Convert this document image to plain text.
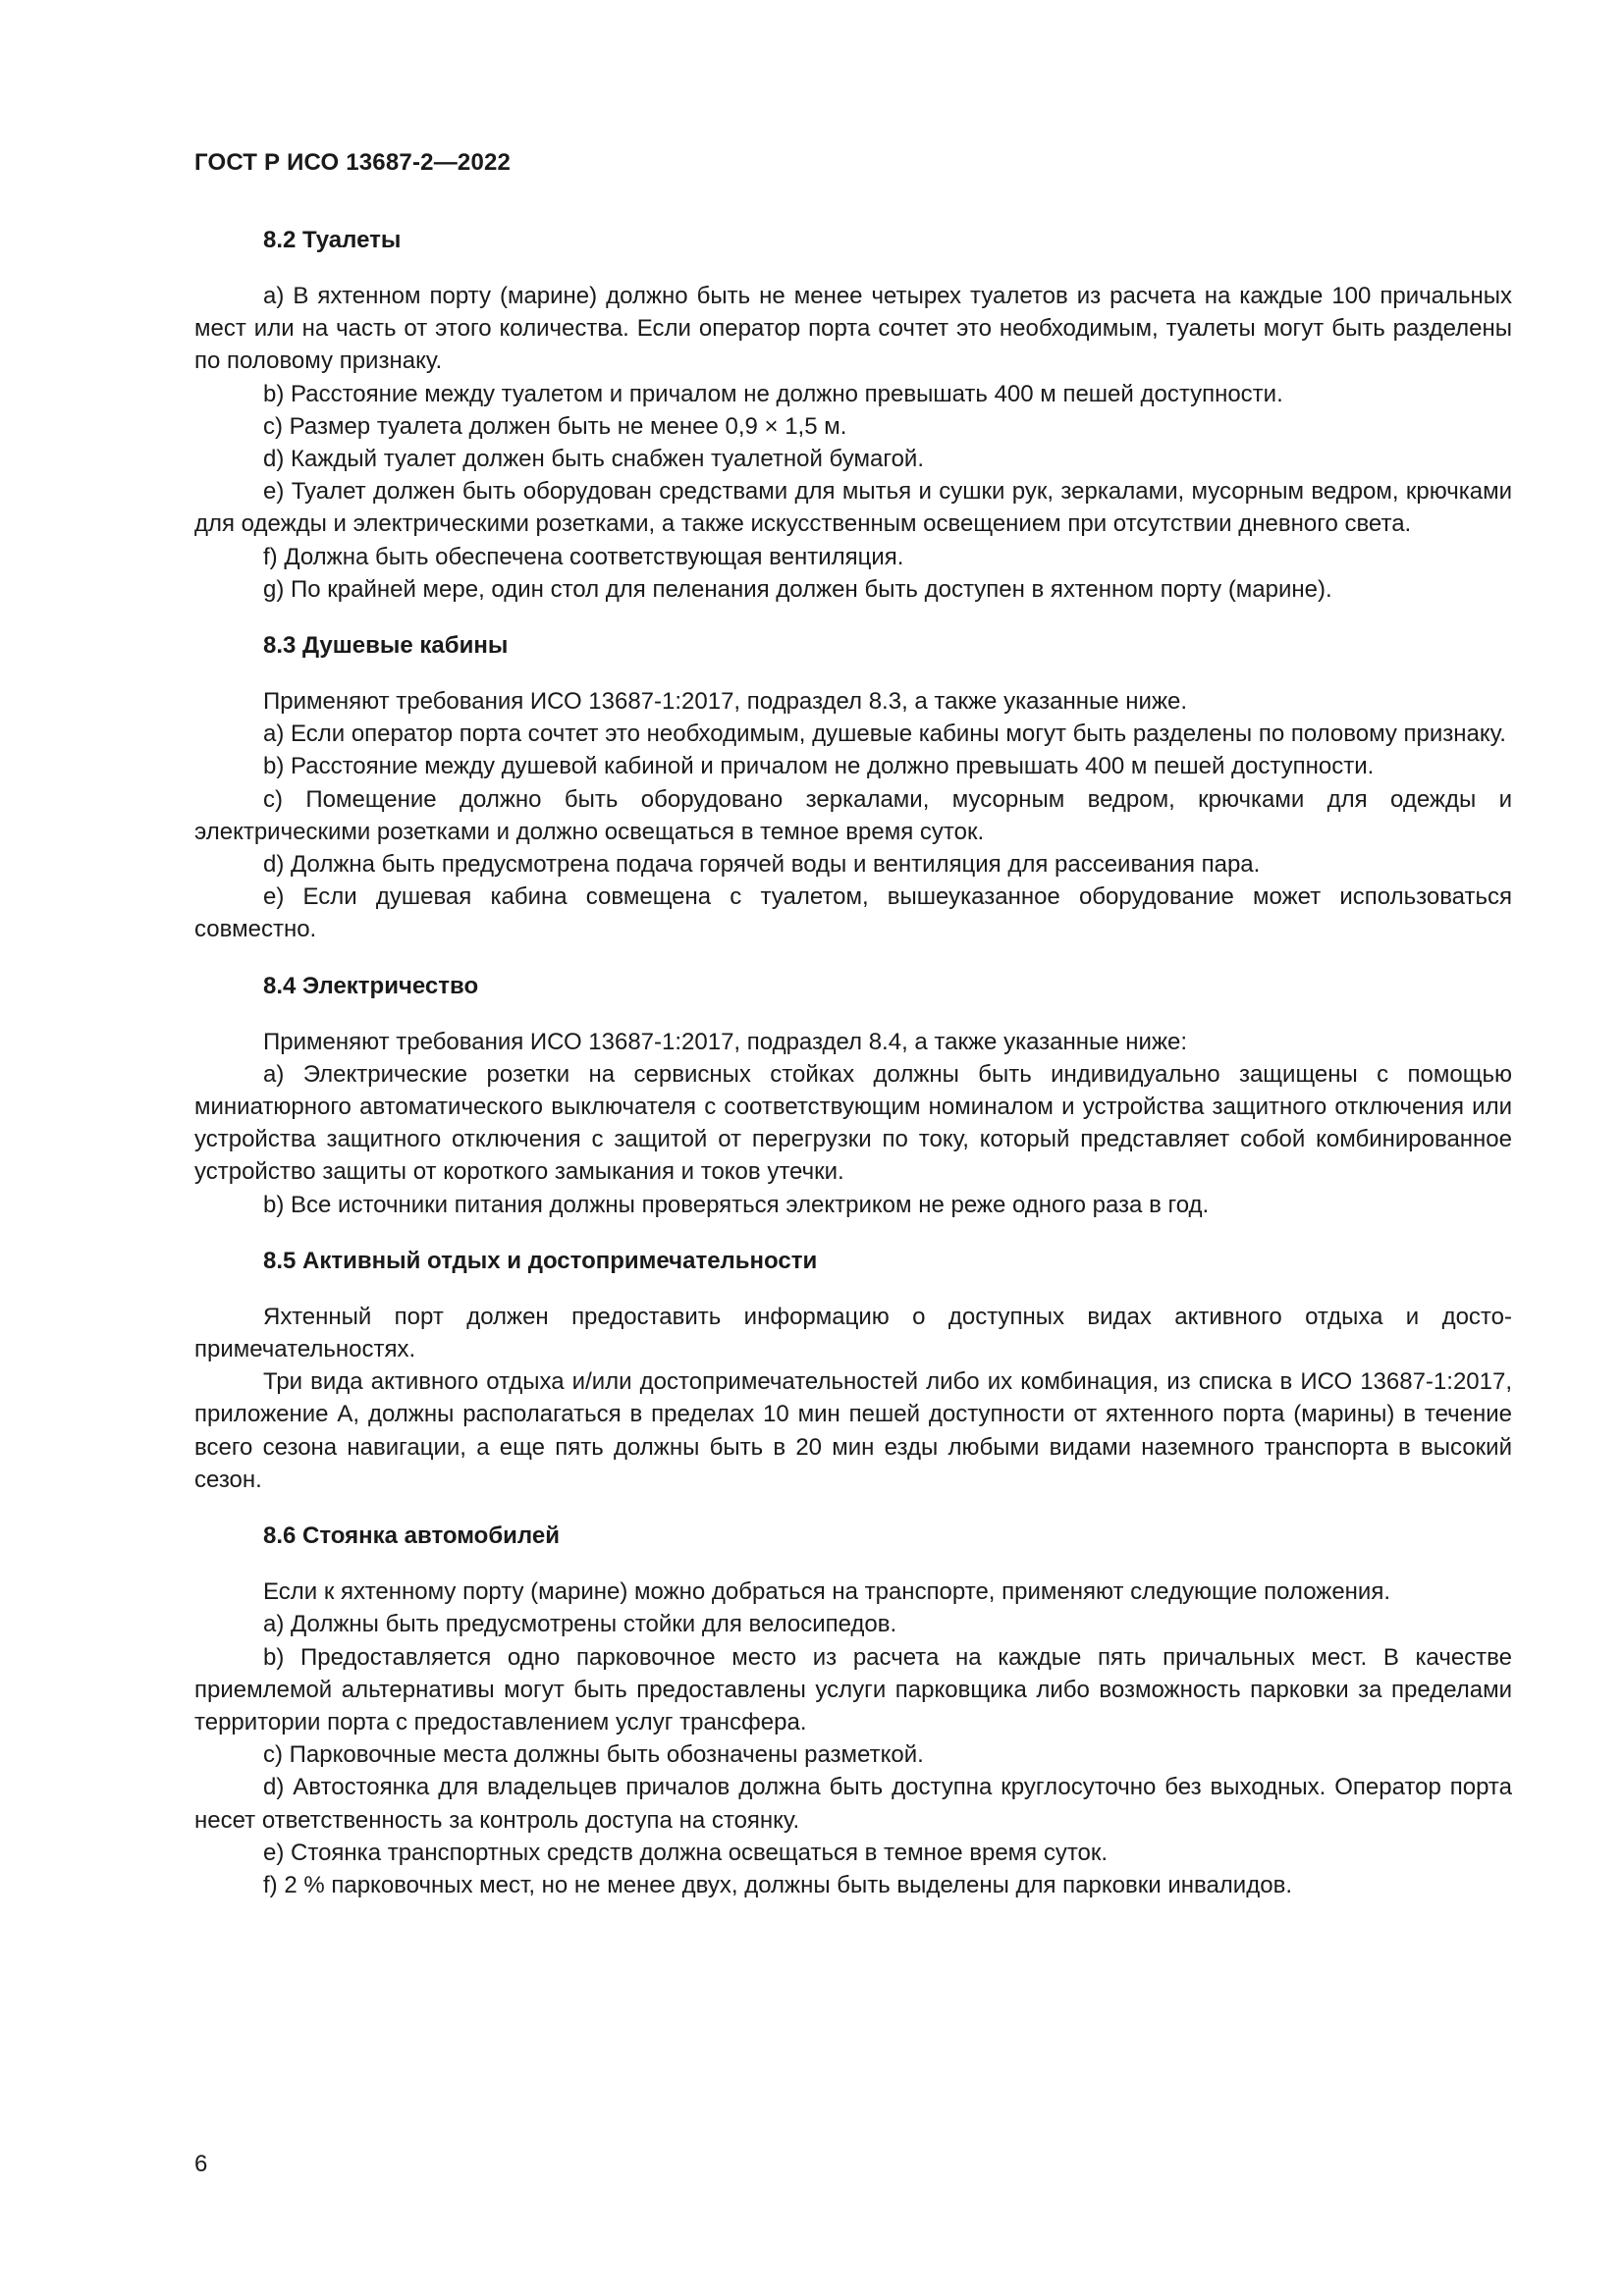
ГОСТ Р ИСО 13687-2—2022
8.2 Туалеты

a) В яхтенном порту (марине) должно быть не менее четырех туалетов из расчета на каждые 100 причальных мест или на часть от этого количества. Если оператор порта сочтет это необходимым, туалеты могут быть разделены по половому признаку.

b) Расстояние между туалетом и причалом не должно превышать 400 м пешей доступности.

c) Размер туалета должен быть не менее 0,9 × 1,5 м.

d) Каждый туалет должен быть снабжен туалетной бумагой.

e) Туалет должен быть оборудован средствами для мытья и сушки рук, зеркалами, мусорным ведром, крючками для одежды и электрическими розетками, а также искусственным освещением при отсутствии дневного света.

f) Должна быть обеспечена соответствующая вентиляция.

g) По крайней мере, один стол для пеленания должен быть доступен в яхтенном порту (марине).

8.3 Душевые кабины

Применяют требования ИСО 13687-1:2017, подраздел 8.3, а также указанные ниже.

a) Если оператор порта сочтет это необходимым, душевые кабины могут быть разделены по половому признаку.

b) Расстояние между душевой кабиной и причалом не должно превышать 400 м пешей доступности.

c) Помещение должно быть оборудовано зеркалами, мусорным ведром, крючками для одежды и электрическими розетками и должно освещаться в темное время суток.

d) Должна быть предусмотрена подача горячей воды и вентиляция для рассеивания пара.

e) Если душевая кабина совмещена с туалетом, вышеуказанное оборудование может использоваться совместно.

8.4 Электричество

Применяют требования ИСО 13687-1:2017, подраздел 8.4, а также указанные ниже:

a) Электрические розетки на сервисных стойках должны быть индивидуально защищены с помощью миниатюрного автоматического выключателя с соответствующим номиналом и устройства защитного отключения или устройства защитного отключения с защитой от перегрузки по току, который представляет собой комбинированное устройство защиты от короткого замыкания и токов утечки.

b) Все источники питания должны проверяться электриком не реже одного раза в год.

8.5 Активный отдых и достопримечательности

Яхтенный порт должен предоставить информацию о доступных видах активного отдыха и достопримечательностях.

Три вида активного отдыха и/или достопримечательностей либо их комбинация, из списка в ИСО 13687-1:2017, приложение А, должны располагаться в пределах 10 мин пешей доступности от яхтенного порта (марины) в течение всего сезона навигации, а еще пять должны быть в 20 мин езды любыми видами наземного транспорта в высокий сезон.

8.6 Стоянка автомобилей

Если к яхтенному порту (марине) можно добраться на транспорте, применяют следующие положения.

a) Должны быть предусмотрены стойки для велосипедов.

b) Предоставляется одно парковочное место из расчета на каждые пять причальных мест. В качестве приемлемой альтернативы могут быть предоставлены услуги парковщика либо возможность парковки за пределами территории порта с предоставлением услуг трансфера.

c) Парковочные места должны быть обозначены разметкой.

d) Автостоянка для владельцев причалов должна быть доступна круглосуточно без выходных. Оператор порта несет ответственность за контроль доступа на стоянку.

e) Стоянка транспортных средств должна освещаться в темное время суток.

f) 2 % парковочных мест, но не менее двух, должны быть выделены для парковки инвалидов.

6
